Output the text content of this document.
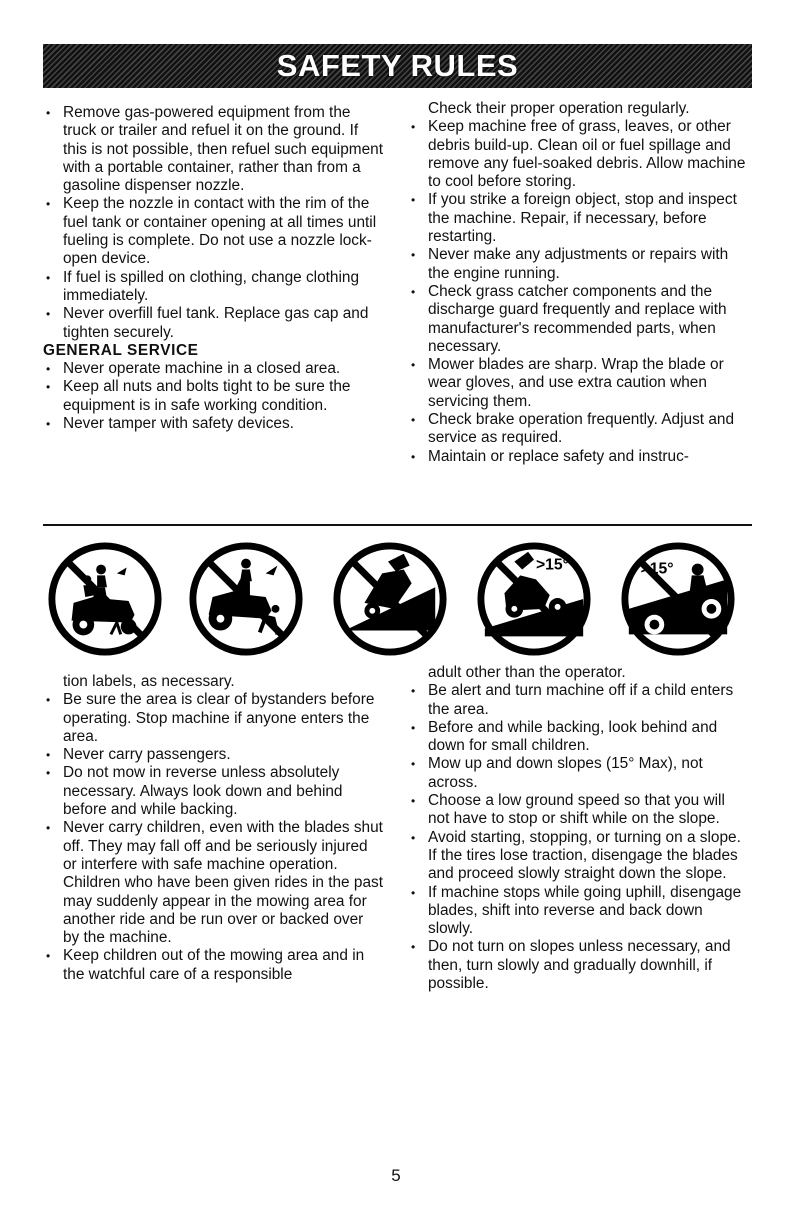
SAFETY RULES
• Remove gas-powered equipment from the truck or trailer and refuel it on the ground. If this is not possible, then refuel such equipment with a portable container, rather than from a gasoline dispenser nozzle.
• Keep the nozzle in contact with the rim of the fuel tank or container opening at all times until fueling is complete. Do not use a nozzle lock-open device.
• If fuel is spilled on clothing, change clothing immediately.
• Never overfill fuel tank. Replace gas cap and tighten securely.
GENERAL SERVICE
• Never operate machine in a closed area.
• Keep all nuts and bolts tight to be sure the equipment is in safe working condition.
• Never tamper with safety devices.

Check their proper operation regularly.

• Keep machine free of grass, leaves, or other debris build-up. Clean oil or fuel spillage and remove any fuel-soaked debris. Allow machine to cool before storing.
• If you strike a foreign object, stop and inspect the machine. Repair, if necessary, before restarting.
• Never make any adjustments or repairs with the engine running.
• Check grass catcher components and the discharge guard frequently and replace with manufacturer's recommended parts, when necessary.
• Mower blades are sharp. Wrap the blade or wear gloves, and use extra caution when servicing them.
• Check brake operation frequently. Adjust and service as required.
• Maintain or replace safety and instruc-
>15°	>15°

tion labels, as necessary.

• Be sure the area is clear of bystanders before operating. Stop machine if anyone enters the area.
• Never carry passengers.
• Do not mow in reverse unless absolutely necessary. Always look down and behind before and while backing.
• Never carry children, even with the blades shut off. They may fall off and be seriously injured or interfere with safe machine operation. Children who have been given rides in the past may suddenly appear in the mowing area for another ride and be run over or backed over by the machine.
• Keep children out of the mowing area and in the watchful care of a responsible

adult other than the operator.

• Be alert and turn machine off if a child enters the area.
• Before and while backing, look behind and down for small children.
• Mow up and down slopes (15° Max), not across.
• Choose a low ground speed so that you will not have to stop or shift while on the slope.
• Avoid starting, stopping, or turning on a slope. If the tires lose traction, disengage the blades and proceed slowly straight down the slope.
• If machine stops while going uphill, disengage blades, shift into reverse and back down slowly.
• Do not turn on slopes unless necessary, and then, turn slowly and gradually downhill, if possible.
5
